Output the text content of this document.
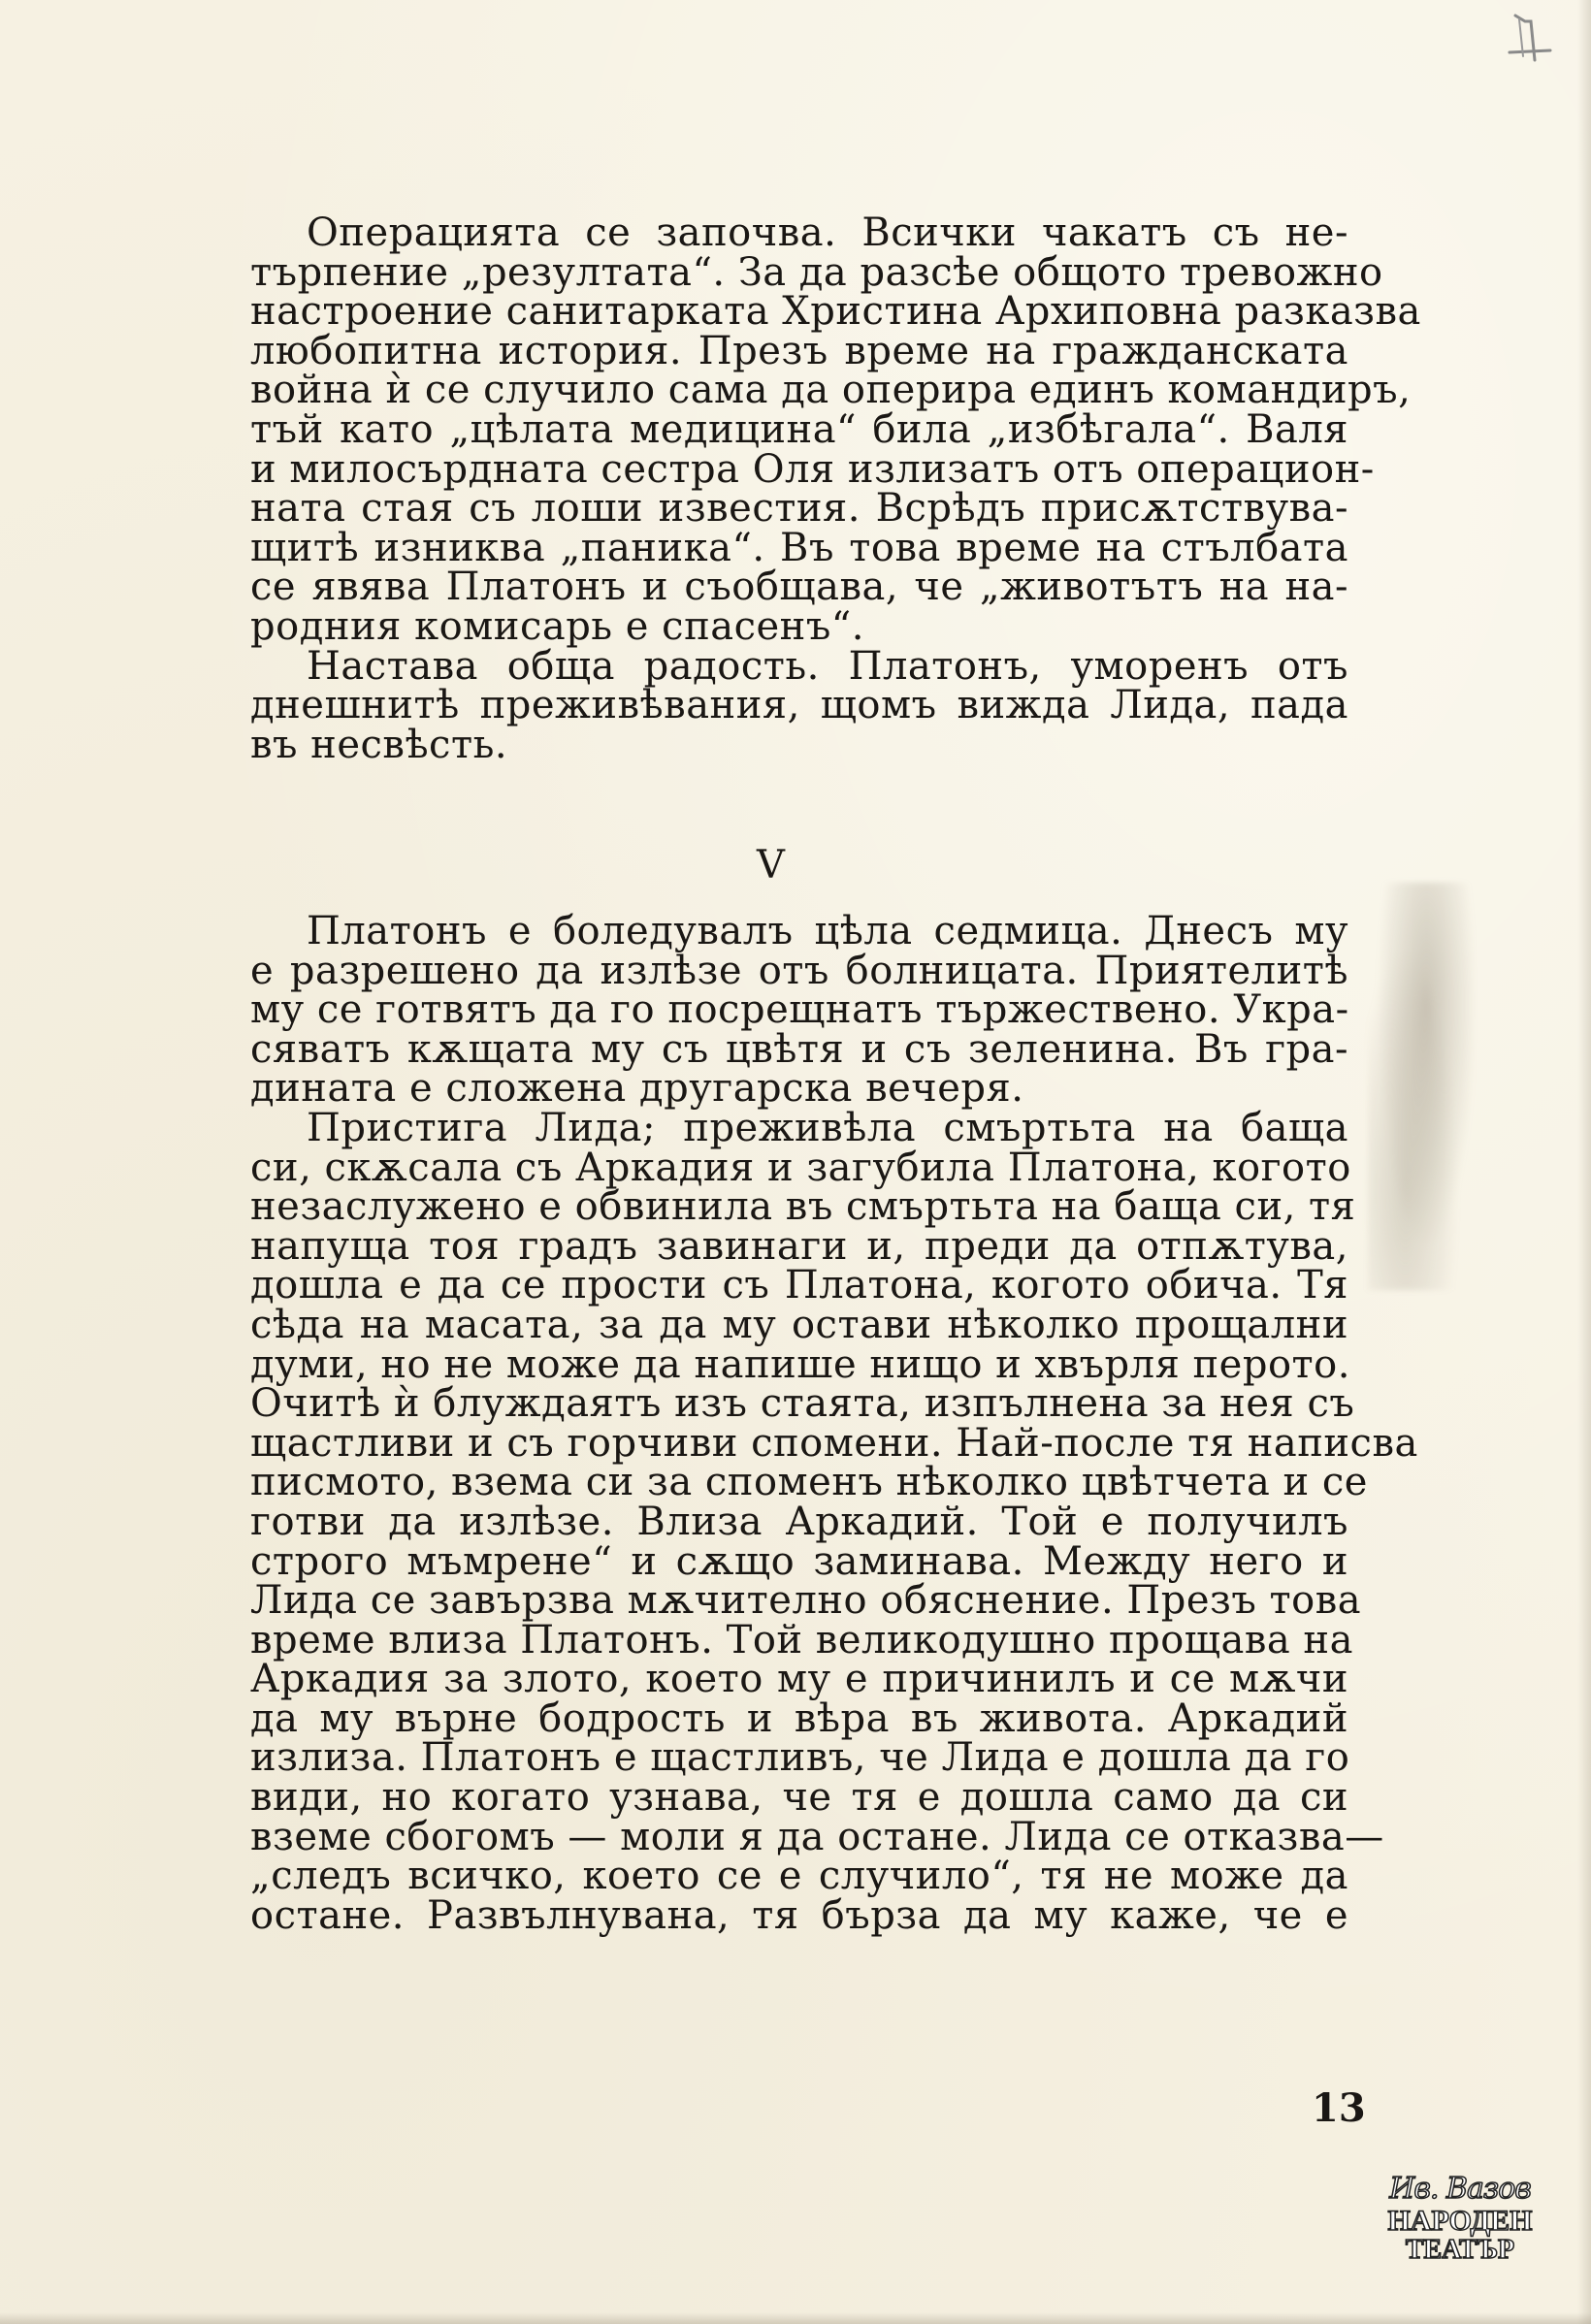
Операцията се започва. Всички чакатъ съ не-
търпение „резултата“. За да разсѣе общото тревожно
настроение санитарката Христина Архиповна разказва
любопитна история. Презъ време на гражданската
война ѝ се случило сама да оперира единъ командиръ,
тъй като „цѣлата медицина“ била „избѣгала“. Валя
и милосърдната сестра Оля излизатъ отъ операцион-
ната стая съ лоши известия. Всрѣдъ присѫтствува-
щитѣ изниква „паника“. Въ това време на стълбата
се явява Платонъ и съобщава, че „животътъ на на-
родния комисарь е спасенъ“.
Настава обща радость. Платонъ, уморенъ отъ
днешнитѣ преживѣвания, щомъ вижда Лида, пада
въ несвѣсть.
V
Платонъ е боледувалъ цѣла седмица. Днесъ му
е разрешено да излѣзе отъ болницата. Приятелитѣ
му се готвятъ да го посрещнатъ тържествено. Укра-
сяватъ кѫщата му съ цвѣтя и съ зеленина. Въ гра-
дината е сложена другарска вечеря.
Пристига Лида; преживѣла смъртьта на баща
си, скѫсала съ Аркадия и загубила Платона, когото
незаслужено е обвинила въ смъртьта на баща си, тя
напуща тоя градъ завинаги и, преди да отпѫтува,
дошла е да се прости съ Платона, когото обича. Тя
сѣда на масата, за да му остави нѣколко прощални
думи, но не може да напише нищо и хвърля перото.
Очитѣ ѝ блуждаятъ изъ стаята, изпълнена за нея съ
щастливи и съ горчиви спомени. Най-после тя написва
писмото, взема си за споменъ нѣколко цвѣтчета и се
готви да излѣзе. Влиза Аркадий. Той е получилъ
строго мъмрене“ и сѫщо заминава. Между него и
Лида се завързва мѫчително обяснение. Презъ това
време влиза Платонъ. Той великодушно прощава на
Аркадия за злото, което му е причинилъ и се мѫчи
да му върне бодрость и вѣра въ живота. Аркадий
излиза. Платонъ е щастливъ, че Лида е дошла да го
види, но когато узнава, че тя е дошла само да си
вземе сбогомъ — моли я да остане. Лида се отказва—
„следъ всичко, което се е случило“, тя не може да
остане. Развълнувана, тя бърза да му каже, че е
13
Ив. Вазов
НАРОДЕН
ТЕАТЪР
